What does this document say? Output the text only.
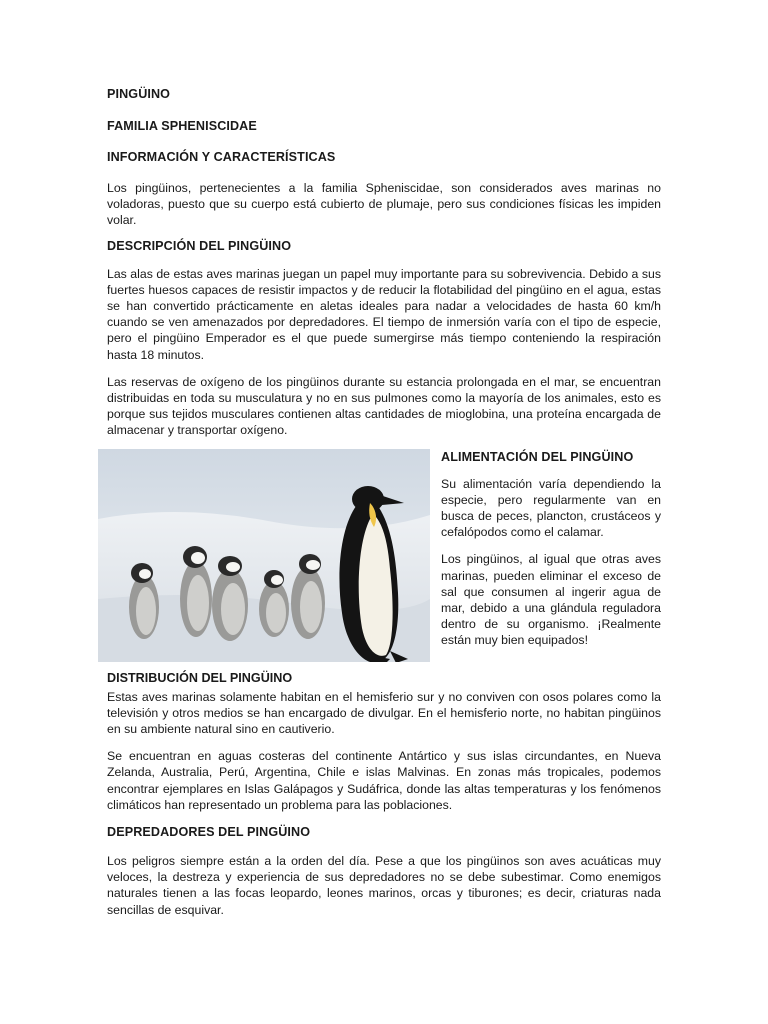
PINGÜINO

FAMILIA SPHENISCIDAE

INFORMACIÓN Y CARACTERÍSTICAS

Los pingüinos, pertenecientes a la familia Spheniscidae, son considerados aves marinas no voladoras, puesto que su cuerpo está cubierto de plumaje, pero sus condiciones físicas les impiden volar.

DESCRIPCIÓN DEL PINGÜINO

Las alas de estas aves marinas juegan un papel muy importante para su sobrevivencia. Debido a sus fuertes huesos capaces de resistir impactos y de reducir la flotabilidad del pingüino en el agua, estas se han convertido prácticamente en aletas ideales para nadar a velocidades de hasta 60 km/h cuando se ven amenazados por depredadores. El tiempo de inmersión varía con el tipo de especie, pero el pingüino Emperador es el que puede sumergirse más tiempo conteniendo la respiración hasta 18 minutos.

Las reservas de oxígeno de los pingüinos durante su estancia prolongada en el mar, se encuentran distribuidas en toda su musculatura y no en sus pulmones como la mayoría de los animales, esto es porque sus tejidos musculares contienen altas cantidades de mioglobina, una proteína encargada de almacenar y transportar oxígeno.

ALIMENTACIÓN DEL PINGÜINO

Su alimentación varía dependiendo la especie, pero regularmente van en busca de peces, plancton, crustáceos y cefalópodos como el calamar.

Los pingüinos, al igual que otras aves marinas, pueden eliminar el exceso de sal que consumen al ingerir agua de mar, debido a una glándula reguladora dentro de su organismo. ¡Realmente están muy bien equipados!

DISTRIBUCIÓN DEL PINGÜINO

Estas aves marinas solamente habitan en el hemisferio sur y no conviven con osos polares como la televisión y otros medios se han encargado de divulgar. En el hemisferio norte, no habitan pingüinos en su ambiente natural sino en cautiverio.

Se encuentran en aguas costeras del continente Antártico y sus islas circundantes, en Nueva Zelanda, Australia, Perú, Argentina, Chile e islas Malvinas. En zonas más tropicales, podemos encontrar ejemplares en Islas Galápagos y Sudáfrica, donde las altas temperaturas y los fenómenos climáticos han representado un problema para las poblaciones.

DEPREDADORES DEL PINGÜINO

Los peligros siempre están a la orden del día. Pese a que los pingüinos son aves acuáticas muy veloces, la destreza y experiencia de sus depredadores no se debe subestimar. Como enemigos naturales tienen a las focas leopardo, leones marinos, orcas y tiburones; es decir, criaturas nada sencillas de esquivar.
